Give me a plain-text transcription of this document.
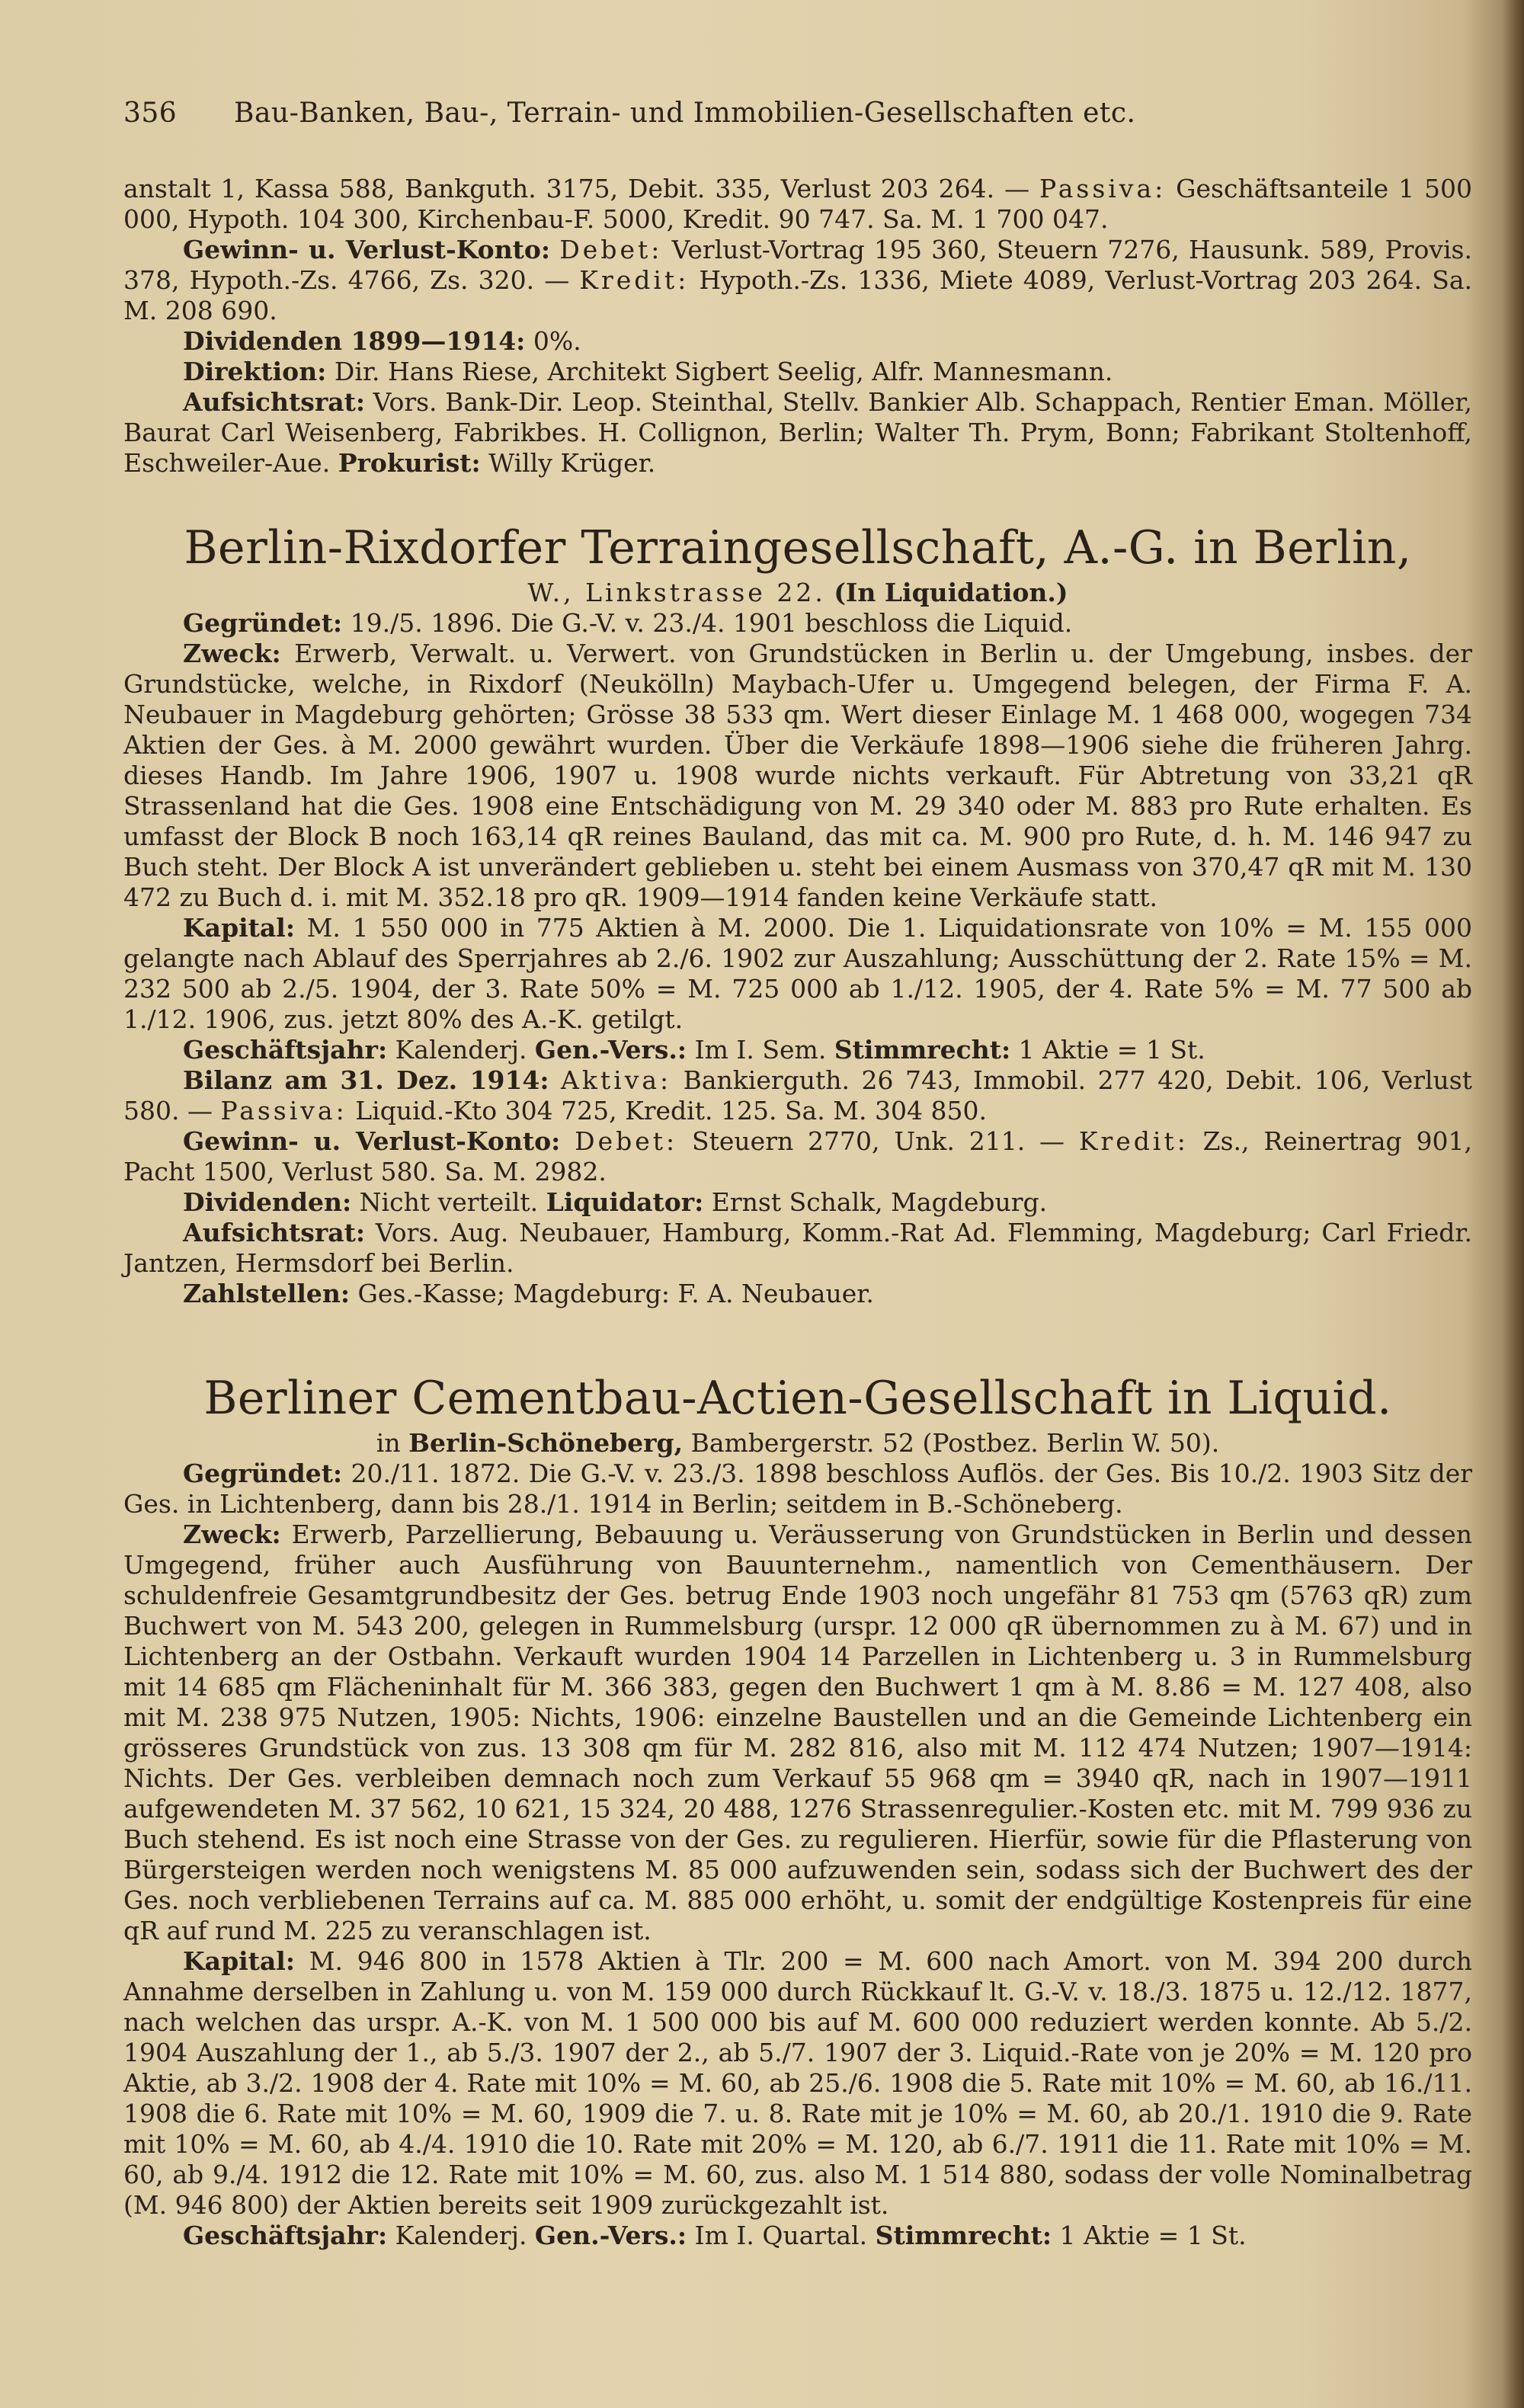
356 Bau-Banken, Bau-, Terrain- und Immobilien-Gesellschaften etc.

anstalt 1, Kassa 588, Bankguth. 3175, Debit. 335, Verlust 203 264. — Passiva: Geschäftsanteile 1 500 000, Hypoth. 104 300, Kirchenbau-F. 5000, Kredit. 90 747. Sa. M. 1 700 047.

Gewinn- u. Verlust-Konto: Debet: Verlust-Vortrag 195 360, Steuern 7276, Hausunk. 589, Provis. 378, Hypoth.-Zs. 4766, Zs. 320. — Kredit: Hypoth.-Zs. 1336, Miete 4089, Verlust-Vortrag 203 264. Sa. M. 208 690.

Dividenden 1899—1914: 0%.

Direktion: Dir. Hans Riese, Architekt Sigbert Seelig, Alfr. Mannesmann.

Aufsichtsrat: Vors. Bank-Dir. Leop. Steinthal, Stellv. Bankier Alb. Schappach, Rentier Eman. Möller, Baurat Carl Weisenberg, Fabrikbes. H. Collignon, Berlin; Walter Th. Prym, Bonn; Fabrikant Stoltenhoff, Eschweiler-Aue. Prokurist: Willy Krüger.

Berlin-Rixdorfer Terraingesellschaft, A.-G. in Berlin,

W., Linkstrasse 22. (In Liquidation.)

Gegründet: 19./5. 1896. Die G.-V. v. 23./4. 1901 beschloss die Liquid.

Zweck: Erwerb, Verwalt. u. Verwert. von Grundstücken in Berlin u. der Umgebung, insbes. der Grundstücke, welche, in Rixdorf (Neukölln) Maybach-Ufer u. Umgegend belegen, der Firma F. A. Neubauer in Magdeburg gehörten; Grösse 38 533 qm. Wert dieser Einlage M. 1 468 000, wogegen 734 Aktien der Ges. à M. 2000 gewährt wurden. Über die Verkäufe 1898—1906 siehe die früheren Jahrg. dieses Handb. Im Jahre 1906, 1907 u. 1908 wurde nichts verkauft. Für Abtretung von 33,21 qR Strassenland hat die Ges. 1908 eine Entschädigung von M. 29 340 oder M. 883 pro Rute erhalten. Es umfasst der Block B noch 163,14 qR reines Bauland, das mit ca. M. 900 pro Rute, d. h. M. 146 947 zu Buch steht. Der Block A ist unverändert geblieben u. steht bei einem Ausmass von 370,47 qR mit M. 130 472 zu Buch d. i. mit M. 352.18 pro qR. 1909—1914 fanden keine Verkäufe statt.

Kapital: M. 1 550 000 in 775 Aktien à M. 2000. Die 1. Liquidationsrate von 10% = M. 155 000 gelangte nach Ablauf des Sperrjahres ab 2./6. 1902 zur Auszahlung; Ausschüttung der 2. Rate 15% = M. 232 500 ab 2./5. 1904, der 3. Rate 50% = M. 725 000 ab 1./12. 1905, der 4. Rate 5% = M. 77 500 ab 1./12. 1906, zus. jetzt 80% des A.-K. getilgt.

Geschäftsjahr: Kalenderj. Gen.-Vers.: Im I. Sem. Stimmrecht: 1 Aktie = 1 St.

Bilanz am 31. Dez. 1914: Aktiva: Bankierguth. 26 743, Immobil. 277 420, Debit. 106, Verlust 580. — Passiva: Liquid.-Kto 304 725, Kredit. 125. Sa. M. 304 850.

Gewinn- u. Verlust-Konto: Debet: Steuern 2770, Unk. 211. — Kredit: Zs., Reinertrag 901, Pacht 1500, Verlust 580. Sa. M. 2982.

Dividenden: Nicht verteilt. Liquidator: Ernst Schalk, Magdeburg.

Aufsichtsrat: Vors. Aug. Neubauer, Hamburg, Komm.-Rat Ad. Flemming, Magdeburg; Carl Friedr. Jantzen, Hermsdorf bei Berlin.

Zahlstellen: Ges.-Kasse; Magdeburg: F. A. Neubauer.

Berliner Cementbau-Actien-Gesellschaft in Liquid.

in Berlin-Schöneberg, Bambergerstr. 52 (Postbez. Berlin W. 50).

Gegründet: 20./11. 1872. Die G.-V. v. 23./3. 1898 beschloss Auflös. der Ges. Bis 10./2. 1903 Sitz der Ges. in Lichtenberg, dann bis 28./1. 1914 in Berlin; seitdem in B.-Schöneberg.

Zweck: Erwerb, Parzellierung, Bebauung u. Veräusserung von Grundstücken in Berlin und dessen Umgegend, früher auch Ausführung von Bauunternehm., namentlich von Cementhäusern. Der schuldenfreie Gesamtgrundbesitz der Ges. betrug Ende 1903 noch ungefähr 81 753 qm (5763 qR) zum Buchwert von M. 543 200, gelegen in Rummelsburg (urspr. 12 000 qR übernommen zu à M. 67) und in Lichtenberg an der Ostbahn. Verkauft wurden 1904 14 Parzellen in Lichtenberg u. 3 in Rummelsburg mit 14 685 qm Flächeninhalt für M. 366 383, gegen den Buchwert 1 qm à M. 8.86 = M. 127 408, also mit M. 238 975 Nutzen, 1905: Nichts, 1906: einzelne Baustellen und an die Gemeinde Lichtenberg ein grösseres Grundstück von zus. 13 308 qm für M. 282 816, also mit M. 112 474 Nutzen; 1907—1914: Nichts. Der Ges. verbleiben demnach noch zum Verkauf 55 968 qm = 3940 qR, nach in 1907—1911 aufgewendeten M. 37 562, 10 621, 15 324, 20 488, 1276 Strassenregulier.-Kosten etc. mit M. 799 936 zu Buch stehend. Es ist noch eine Strasse von der Ges. zu regulieren. Hierfür, sowie für die Pflasterung von Bürgersteigen werden noch wenigstens M. 85 000 aufzuwenden sein, sodass sich der Buchwert des der Ges. noch verbliebenen Terrains auf ca. M. 885 000 erhöht, u. somit der endgültige Kostenpreis für eine qR auf rund M. 225 zu veranschlagen ist.

Kapital: M. 946 800 in 1578 Aktien à Tlr. 200 = M. 600 nach Amort. von M. 394 200 durch Annahme derselben in Zahlung u. von M. 159 000 durch Rückkauf lt. G.-V. v. 18./3. 1875 u. 12./12. 1877, nach welchen das urspr. A.-K. von M. 1 500 000 bis auf M. 600 000 reduziert werden konnte. Ab 5./2. 1904 Auszahlung der 1., ab 5./3. 1907 der 2., ab 5./7. 1907 der 3. Liquid.-Rate von je 20% = M. 120 pro Aktie, ab 3./2. 1908 der 4. Rate mit 10% = M. 60, ab 25./6. 1908 die 5. Rate mit 10% = M. 60, ab 16./11. 1908 die 6. Rate mit 10% = M. 60, 1909 die 7. u. 8. Rate mit je 10% = M. 60, ab 20./1. 1910 die 9. Rate mit 10% = M. 60, ab 4./4. 1910 die 10. Rate mit 20% = M. 120, ab 6./7. 1911 die 11. Rate mit 10% = M. 60, ab 9./4. 1912 die 12. Rate mit 10% = M. 60, zus. also M. 1 514 880, sodass der volle Nominalbetrag (M. 946 800) der Aktien bereits seit 1909 zurückgezahlt ist.

Geschäftsjahr: Kalenderj. Gen.-Vers.: Im I. Quartal. Stimmrecht: 1 Aktie = 1 St.
